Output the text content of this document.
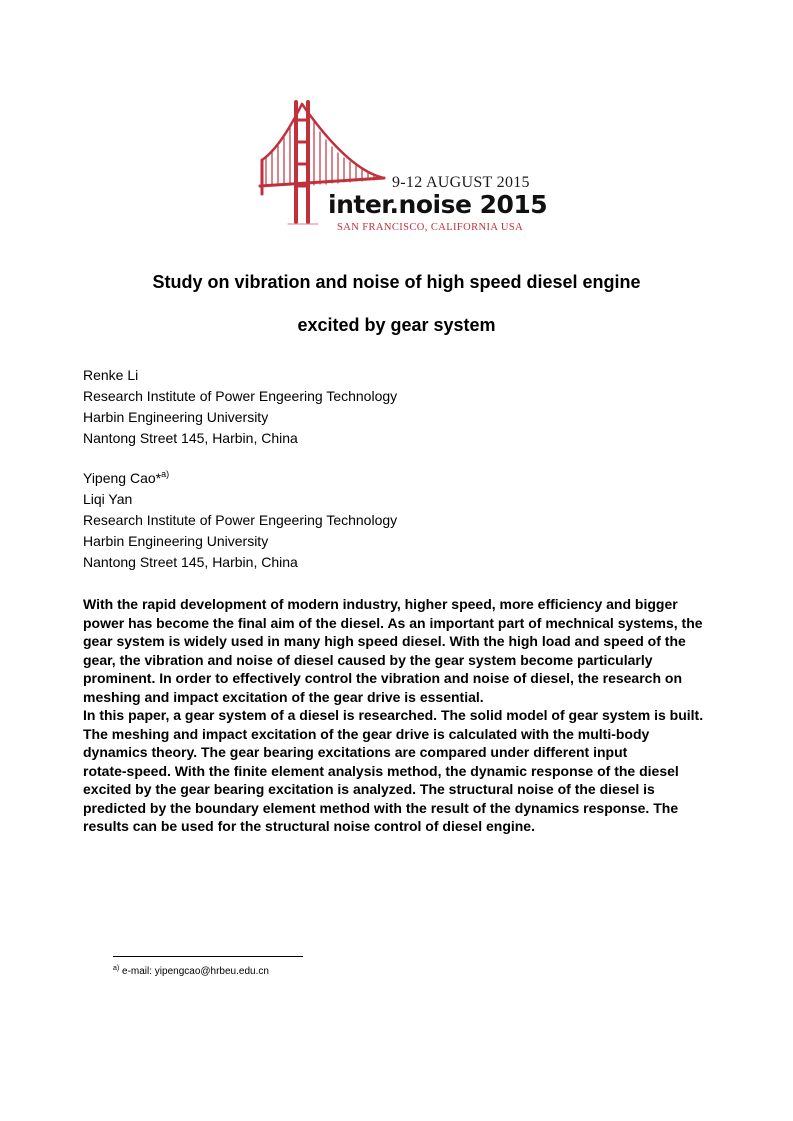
9-12 AUGUST 2015
inter.noise 2015
SAN FRANCISCO, CALIFORNIA USA
Study on vibration and noise of high speed diesel engine
excited by gear system
Renke Li
Research Institute of Power Engeering Technology
Harbin Engineering University
Nantong Street 145, Harbin, China
Yipeng Cao*$^{a)}$
Liqi Yan
Research Institute of Power Engeering Technology
Harbin Engineering University
Nantong Street 145, Harbin, China
With the rapid development of modern industry, higher speed, more efficiency and bigger
power has become the final aim of the diesel. As an important part of mechnical systems, the
gear system is widely used in many high speed diesel. With the high load and speed of the
gear, the vibration and noise of diesel caused by the gear system become particularly
prominent. In order to effectively control the vibration and noise of diesel, the research on
meshing and impact excitation of the gear drive is essential.
In this paper, a gear system of a diesel is researched. The solid model of gear system is built.
The meshing and impact excitation of the gear drive is calculated with the multi-body
dynamics theory. The gear bearing excitations are compared under different input
rotate-speed. With the finite element analysis method, the dynamic response of the diesel
excited by the gear bearing excitation is analyzed. The structural noise of the diesel is
predicted by the boundary element method with the result of the dynamics response. The
results can be used for the structural noise control of diesel engine.
$^{a)}$ e-mail: yipengcao@hrbeu.edu.cn
